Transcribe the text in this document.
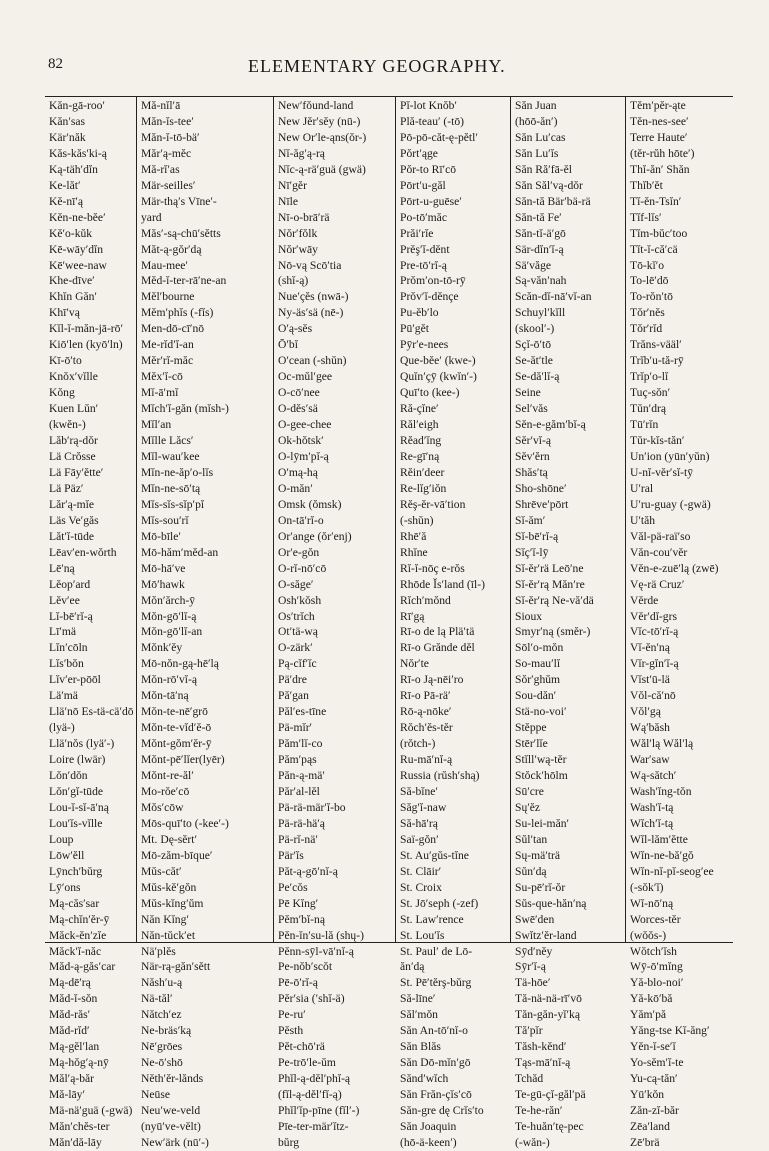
82	ELEMENTARY GEOGRAPHY.
Kăn-gā-roo′
Kăn′sas
Kär′năk
Kăs-kăs′ki-ą
Ką-täh′dĭn
Ke-lăt′
Kĕ-nī′ą
Kĕn-ne-bĕe′
Kĕ′o-kŭk
Kē-wāy′dĭn
Kē′wee-naw
Khe-dīve′
Khĭn Găn′
Khī′vą
Kĭl-ĭ-măn-jā-rō′
Kiō′len (kyō′ln)
Kī-ō′to
Knŏx′vĭlle
Kŏng
Kuen Lŭn′
(kwĕn-)
Lăb′rą-dŏr
Lä Crŏsse
Lä Fāy′ĕtte′
Lä Päz′
Lăr′ą-mĭe
Läs Ve′găs
Lăt′ĭ-tūde
Lēav′en-wŏrth
Lē′ną
Lĕop′ard
Lĕv′ee
Lĭ-bē′rĭ-ą
Lī′mä
Lĭn′cōln
Lĭs′bŏn
Lĭv′er-pōōl
Lä′mä
Llä′nō Es-tä-cä′dō
(lyä-)
Llä′nŏs (lyä′-)
Loire (lwär)
Lŏn′dŏn
Lŏn′gĭ-tūde
Lou-ĭ-sĭ-ā′ną
Lou′ĭs-vĭlle
Loup
Lōw′ĕll
Lȳnch′bŭrg
Lȳ′ons
Mą-căs′sar
Mą-chĭn′ĕr-ȳ
Măck-ĕn′zĭe
Măck′ĭ-năc
Măd-ą-găs′car
Mą-dē′rą
Măd-ĭ-sŏn
Măd-răs′
Măd-rĭd′
Mą-gĕl′lan
Mą-hŏg′ą-nȳ
Măl′ą-băr
Mă-lāy′
Mä-nä′guä (-gwä)
Măn′chĕs-ter
Măn′dă-lāy
Mă-nĭl′ā
Măn-ĭs-tee′
Măn-ĭ-tō-bä′
Măr′ą-mĕc
Mă-rĭ′as
Mär-seilles′
Mär-thą′s Vīne′-
yard
Măs′-są-chū′sĕtts
Măt-ą-gŏr′dą
Mau-mee′
Mĕd-ĭ-ter-rā′ne-an
Mĕl′bourne
Mĕm′phĭs (-fĭs)
Men-dō-cī′nō
Me-rĭd′ĭ-an
Mĕr′rĭ-măc
Mĕx′ĭ-cō
Mĭ-ā′mĭ
Mĭch′ĭ-găn (mĭsh-)
Mĭl′an
Mĭlle Lăcs′
Mĭl-wau′kee
Mĭn-ne-ăp′o-lĭs
Mĭn-ne-sō′tą
Mĭs-sĭs-sĭp′pĭ
Mĭs-sou′rĭ
Mō-bīle′
Mō-hăm′mĕd-an
Mō-hā′ve
Mō′hawk
Mŏn′ărch-ȳ
Mŏn-gō′lĭ-ą
Mŏn-gō′lĭ-an
Mŏnk′ĕy
Mō-nŏn-gą-hē′lą
Mŏn-rō′vĭ-ą
Mŏn-tā′ną
Mŏn-te-nē′grō
Mŏn-te-vĭd′ĕ-ō
Mŏnt-gŏm′ĕr-ȳ
Mŏnt-pē′lĭer(lyēr)
Mŏnt-re-ăl′
Mo-rŏe′cō
Mŏs′cōw
Mōs-quī′to (-kee′-)
Mt. Dę-sĕrt′
Mō-zăm-bīque′
Mŭs-căt′
Mŭs-kĕ′gŏn
Mŭs-kĭng′ŭm
Năn Kĭng′
Năn-tŭck′et
Nä′plĕs
När-rą-găn′sĕtt
Năsh′u-ą
Nä-tăl′
Nătch′ez
Ne-bräs′ką
Nē′grōes
Ne-ō′shō
Nĕth′ĕr-lănds
Neūse
Neu′we-veld
(nyū′ve-vĕlt)
New′ärk (nū′-)
New′fŏund-land
New Jĕr′sĕy (nū-)
New Or′le-ąns(ŏr-)
Nĭ-ăg′ą-rą
Nĭc-ą-rä′guä (gwä)
Nī′gĕr
Nīle
Nī-o-brā′rä
Nŏr′fŏlk
Nŏr′wāy
Nō-vą Scō′tia
(shĭ-ą)
Nue′çĕs (nwā-)
Ny-äs′sä (nē-)
O′ą-sĕs
Ō′bĭ
O′cean (-shŭn)
Oc-mŭl′gee
O-cō′nee
O-dĕs′sä
O-gee-chee
Ok-hŏtsk′
O-lȳm′pĭ-ą
O′mą-hą
O-măn′
Omsk (ŏmsk)
On-tā′rĭ-o
Or′ange (ŏr′enj)
Or′e-gŏn
O-rĭ-nō′cō
O-săge′
Osh′kŏsh
Os′trĭch
Ot′tä-wą
O-zärk′
Pą-cĭf′ĭc
Pä′dre
Pă′gan
Păl′es-tīne
Pä-mĭr′
Păm′lĭ-co
Păm′pąs
Păn-ą-mä′
Păr′al-lĕl
Pä-rä-mär′ĭ-bo
Pä-rä-hä′ą
Pä-rĭ-nä′
Pär′ĭs
Păt-ą-gō′nĭ-ą
Pe′cŏs
Pē Kĭng′
Pĕm′bĭ-ną
Pĕn-ĭn′su-lă (shų-)
Pĕnn-sȳl-vā′nĭ-ą
Pe-nŏb′scŏt
Pē-ō′rĭ-ą
Pĕr′sia (′shĭ-ä)
Pe-ru′
Pĕsth
Pĕt-chō′rä
Pe-trō′le-ŭm
Phĭl-ą-dĕl′phĭ-ą
(fĭl-ą-dĕl′fĭ-ą)
Phĭl′ĭp-pīne (fĭl′-)
Pīe-ter-mär′ĭtz-
bŭrg
Pĭ-lot Knŏb′
Plă-teau′ (-tō)
Pō-pō-căt-ę-pĕtl′
Pŏrt′ąge
Pŏr-to Rī′cō
Pōrt′u-găl
Pōrt-u-guēse′
Po-tō′măc
Prăi′rĭe
Prĕş′ĭ-dĕnt
Pre-tō′rĭ-ą
Prŏm′on-tō-rȳ
Prŏv′ĭ-dĕnçe
Pu-ĕb′lo
Pū′gĕt
Pȳr′e-nees
Que-bĕe′ (kwe-)
Quĭn′çȳ (kwĭn′-)
Quī′to (kee-)
Ră-çĭne′
Răl′eigh
Rĕad′ĭng
Re-gī′ną
Rĕin′deer
Re-lĭg′iŏn
Rĕş-ĕr-vā′tion
(-shŭn)
Rhē′ă
Rhĭne
Rĭ-ĭ-nōç e-rŏs
Rhōde Ĭs′land (īl-)
Rĭch′mŏnd
Rī′gą
Rī-o de lą Plä′tä
Rī-o Grănde dĕl
Nŏr′te
Rī-o Ją-nēi′ro
Rī-o Pā-rä′
Rō-ą-nōke′
Rŏch′ĕs-tĕr
(rŏtch-)
Ru-mā′nĭ-ą
Russia (rŭsh′shą)
Să-bĭne′
Săg′ĭ-naw
Să-hā′rą
Saï-gŏn′
St. Au′gŭs-tĭne
St. Clāir′
St. Croix
St. Jō′seph (-zef)
St. Law′rence
St. Lou′ĭs
St. Paul′ de Lō-
ăn′dą
St. Pē′tĕrş-bŭrg
Să-līne′
Săl′mŏn
Săn An-tō′nĭ-o
Săn Blăs
Săn Dō-mĭn′gō
Sănd′wĭch
Săn Frăn-çĭs′cō
Săn-gre dę Crĭs′to
Săn Joaquin
(hō-ä-keen′)
Săn Juan
(hōō-ăn′)
Săn Lu′cas
Săn Lu′ĭs
Săn Ră′fā-ĕl
Săn Săl′vą-dŏr
Săn-tă Bär′bä-rä
Săn-tă Fe′
Săn-tĭ-ä′gō
Sär-dĭn′ĭ-ą
Sä′văge
Są-văn′nah
Scăn-dĭ-nā′vĭ-an
Schuyl′kĭll
(skool′-)
Sçĭ-ō′tō
Se-ăt′tle
Se-dă′lĭ-ą
Seine
Sel′văs
Sĕn-e-găm′bĭ-ą
Sĕr′vĭ-ą
Sĕv′ĕrn
Shăs′tą
Sho-shōne′
Shrēve′pōrt
Sĭ-ăm′
Sĭ-bē′rĭ-ą
Sĭç′ĭ-lȳ
Sĭ-ĕr′rä Leō′ne
Sĭ-ĕr′rą Măn′re
Sĭ-ĕr′rą Ne-vă′dä
Sioux
Smyr′ną (smĕr-)
Sōl′o-mŏn
So-mau′lĭ
Sŏr′ghŭm
Sou-dăn′
Stä-no-voi′
Stĕppe
Stēr′lĭe
Stĭll′wą-tĕr
Stŏck′hōlm
Sū′cre
Sų′ĕz
Su-lei-măn′
Sŭl′tan
Sų-mä′trä
Sŭn′dą
Su-pē′rĭ-ŏr
Sŭs-que-hăn′ną
Swē′den
Swĭtz′ĕr-land
Sȳd′nĕy
Sȳr′ĭ-ą
Tä-hōe′
Tă-nä-nä-rī′vō
Tăn-găn-yĭ′ką
Tă′pĭr
Tăsh-kĕnd′
Tąs-mā′nĭ-ą
Tchăd
Te-gū-çĭ-găl′pä
Te-he-răn′
Te-huăn′tę-pec
(-wăn-)
Tĕm′pĕr-ąte
Tĕn-nes-see′
Terre Haute′
(tĕr-rŭh hōte′)
Thĭ-ăn′ Shăn
Thĭb′ĕt
Tĭ-ĕn-Tsĭn′
Tĭf-lĭs′
Tĭm-bŭc′too
Tĭt-ĭ-că′cä
Tō-kĭ′o
To-lē′dō
To-rŏn′tō
Tŏr′nĕs
Tŏr′rĭd
Trăns-vääl′
Trĭb′u-tă-rȳ
Trĭp′o-lĭ
Tuç-sŏn′
Tŭn′drą
Tū′rĭn
Tŭr-kĭs-tăn′
Un′ion (yūn′yŭn)
U-nĭ-vĕr′sĭ-tȳ
U′ral
U′ru-guay (-gwä)
U′tăh
Văl-pä-raï′so
Văn-cou′vĕr
Vĕn-e-zuē′lą (zwē)
Vę-rä Cruz′
Vĕrde
Vĕr′dĭ-grs
Vĭc-tō′rĭ-ą
Vĭ-ĕn′ną
Vĭr-gĭn′ĭ-ą
Vĭst′ū-lä
Vŏl-că′nō
Vŏl′gą
Wą′băsh
Wăl′lą Wăl′lą
War′saw
Wą-sătch′
Wash′ĭng-tŏn
Wash′ĭ-tą
Wĭch′ĭ-tą
Wĭl-lăm′ĕtte
Wĭn-ne-bă′gŏ
Wĭn-nĭ-pĭ-seog′ee
(-sŏk′ĭ)
Wĭ-nō′ną
Worces-tĕr
(wŏŏs-)
Wŏtch′ĭsh
Wȳ-ō′mĭng
Yă-blo-noi′
Yă-kō′bă
Yăm′pă
Yăng-tse Kĭ-ăng′
Yĕn-ĭ-se′ĭ
Yo-sĕm′ĭ-te
Yu-cą-tăn′
Yū′kŏn
Zăn-zĭ-băr
Zēa′land
Zē′brä
